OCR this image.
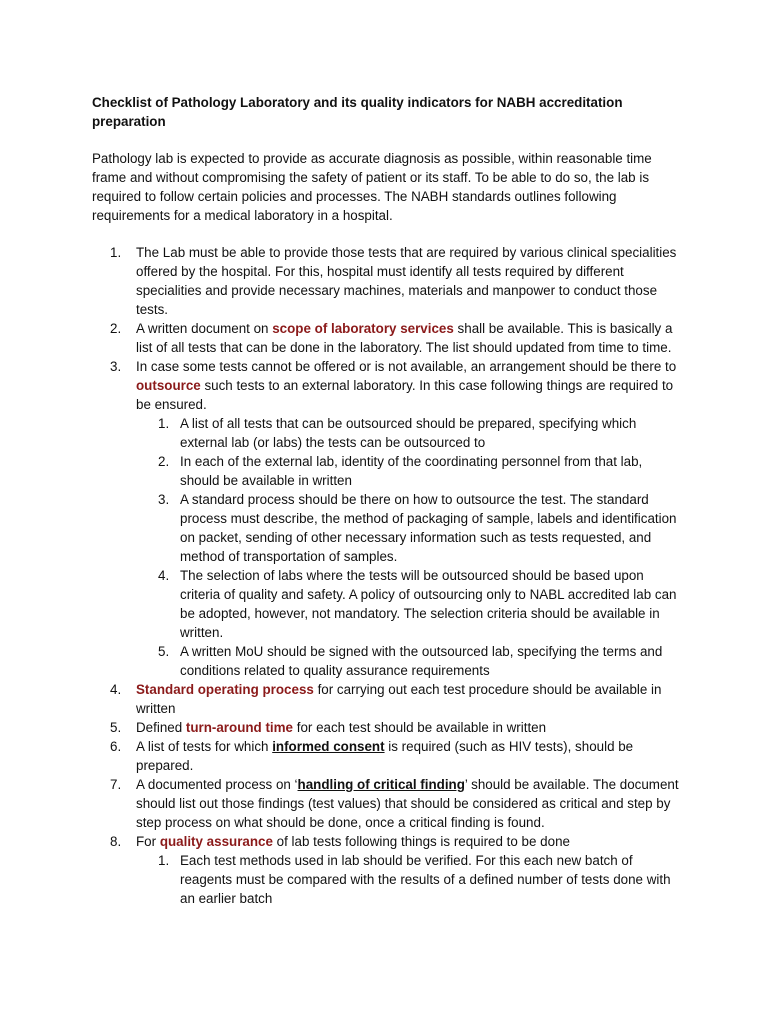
Checklist of Pathology Laboratory and its quality indicators for NABH accreditation preparation

Pathology lab is expected to provide as accurate diagnosis as possible, within reasonable time frame and without compromising the safety of patient or its staff. To be able to do so, the lab is required to follow certain policies and processes. The NABH standards outlines following requirements for a medical laboratory in a hospital.

1. The Lab must be able to provide those tests that are required by various clinical specialities offered by the hospital. For this, hospital must identify all tests required by different specialities and provide necessary machines, materials and manpower to conduct those tests.
2. A written document on scope of laboratory services shall be available. This is basically a list of all tests that can be done in the laboratory. The list should updated from time to time.
3. In case some tests cannot be offered or is not available, an arrangement should be there to outsource such tests to an external laboratory. In this case following things are required to be ensured.
1. A list of all tests that can be outsourced should be prepared, specifying which external lab (or labs) the tests can be outsourced to
2. In each of the external lab, identity of the coordinating personnel from that lab, should be available in written
3. A standard process should be there on how to outsource the test. The standard process must describe, the method of packaging of sample, labels and identification on packet, sending of other necessary information such as tests requested, and method of transportation of samples.
4. The selection of labs where the tests will be outsourced should be based upon criteria of quality and safety. A policy of outsourcing only to NABL accredited lab can be adopted, however, not mandatory. The selection criteria should be available in written.
5. A written MoU should be signed with the outsourced lab, specifying the terms and conditions related to quality assurance requirements
4. Standard operating process for carrying out each test procedure should be available in written
5. Defined turn-around time for each test should be available in written
6. A list of tests for which informed consent is required (such as HIV tests), should be prepared.
7. A documented process on ‘handling of critical finding’ should be available. The document should list out those findings (test values) that should be considered as critical and step by step process on what should be done, once a critical finding is found.
8. For quality assurance of lab tests following things is required to be done
1. Each test methods used in lab should be verified. For this each new batch of reagents must be compared with the results of a defined number of tests done with an earlier batch
